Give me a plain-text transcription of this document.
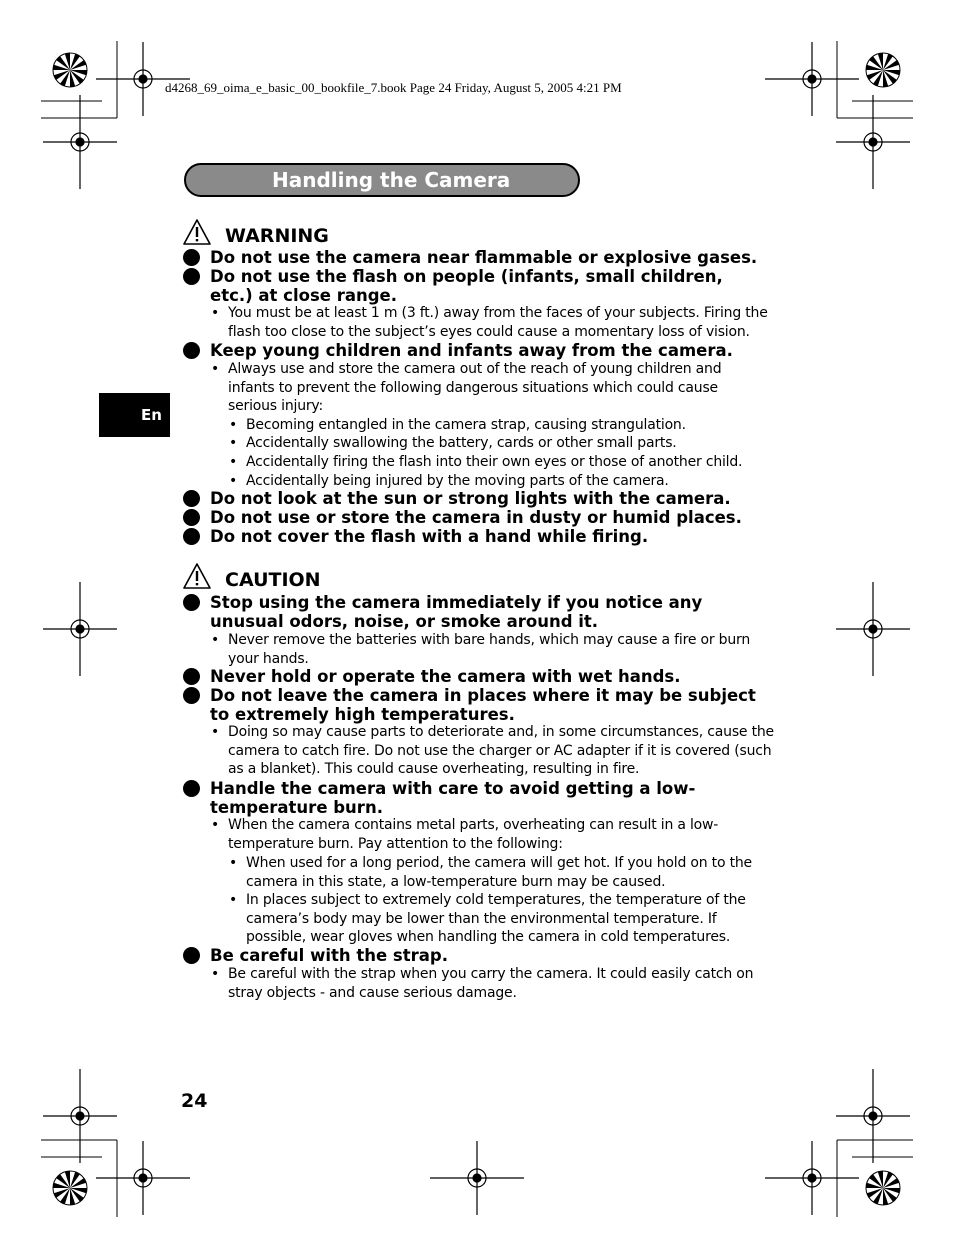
d4268_69_oima_e_basic_00_bookfile_7.book Page 24 Friday, August 5, 2005 4:21 PM
Handling the Camera
En
WARNING
Do not use the camera near flammable or explosive gases.
Do not use the flash on people (infants, small children, etc.) at close range.
• You must be at least 1 m (3 ft.) away from the faces of your subjects. Firing the flash too close to the subject’s eyes could cause a momentary loss of vision.
Keep young children and infants away from the camera.
• Always use and store the camera out of the reach of young children and infants to prevent the following dangerous situations which could cause serious injury:
• Becoming entangled in the camera strap, causing strangulation.
• Accidentally swallowing the battery, cards or other small parts.
• Accidentally firing the flash into their own eyes or those of another child.
• Accidentally being injured by the moving parts of the camera.
Do not look at the sun or strong lights with the camera.
Do not use or store the camera in dusty or humid places.
Do not cover the flash with a hand while firing.
CAUTION
Stop using the camera immediately if you notice any unusual odors, noise, or smoke around it.
• Never remove the batteries with bare hands, which may cause a fire or burn your hands.
Never hold or operate the camera with wet hands.
Do not leave the camera in places where it may be subject to extremely high temperatures.
• Doing so may cause parts to deteriorate and, in some circumstances, cause the camera to catch fire. Do not use the charger or AC adapter if it is covered (such as a blanket). This could cause overheating, resulting in fire.
Handle the camera with care to avoid getting a low-temperature burn.
• When the camera contains metal parts, overheating can result in a low-temperature burn. Pay attention to the following:
• When used for a long period, the camera will get hot. If you hold on to the camera in this state, a low-temperature burn may be caused.
• In places subject to extremely cold temperatures, the temperature of the camera’s body may be lower than the environmental temperature. If possible, wear gloves when handling the camera in cold temperatures.
Be careful with the strap.
• Be careful with the strap when you carry the camera. It could easily catch on stray objects - and cause serious damage.
24
